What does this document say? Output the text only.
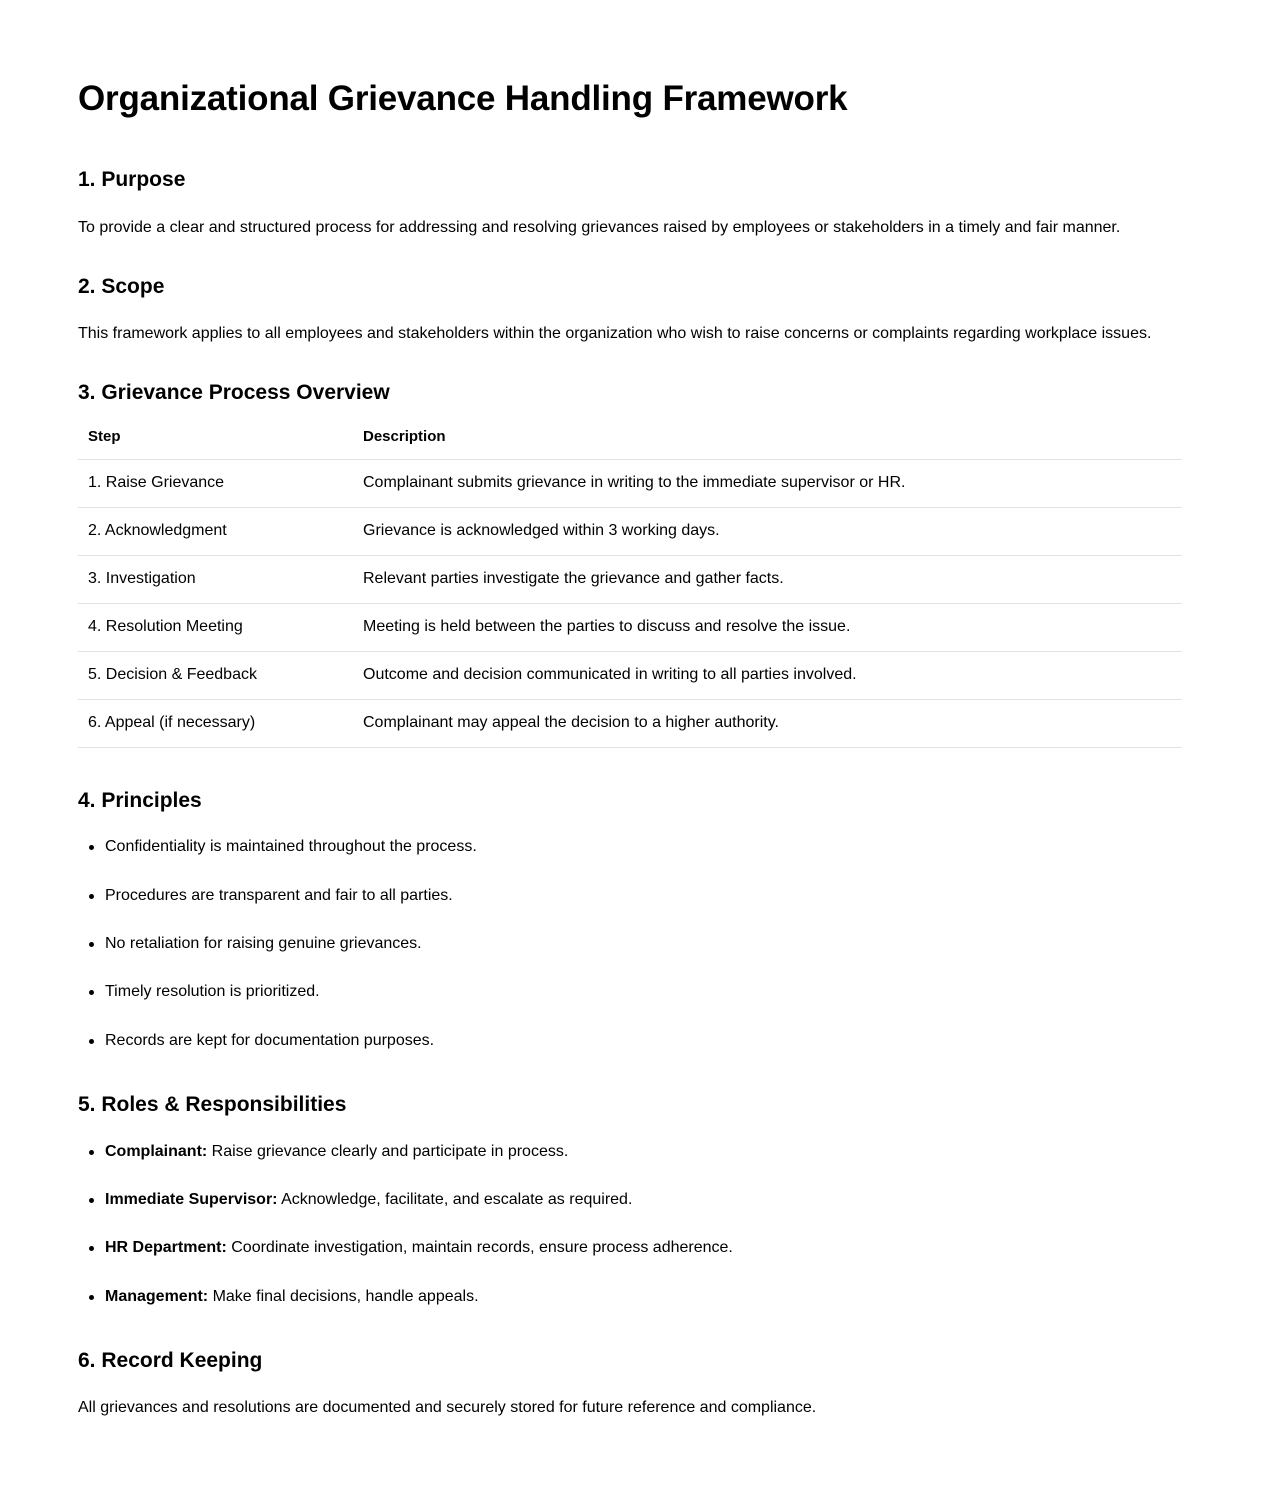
Organizational Grievance Handling Framework
1. Purpose

To provide a clear and structured process for addressing and resolving grievances raised by employees or stakeholders in a timely and fair manner.

2. Scope

This framework applies to all employees and stakeholders within the organization who wish to raise concerns or complaints regarding workplace issues.

3. Grievance Process Overview
Step	Description
1. Raise Grievance	Complainant submits grievance in writing to the immediate supervisor or HR.
2. Acknowledgment	Grievance is acknowledged within 3 working days.
3. Investigation	Relevant parties investigate the grievance and gather facts.
4. Resolution Meeting	Meeting is held between the parties to discuss and resolve the issue.
5. Decision & Feedback	Outcome and decision communicated in writing to all parties involved.
6. Appeal (if necessary)	Complainant may appeal the decision to a higher authority.
4. Principles
Confidentiality is maintained throughout the process.
Procedures are transparent and fair to all parties.
No retaliation for raising genuine grievances.
Timely resolution is prioritized.
Records are kept for documentation purposes.
5. Roles & Responsibilities
Complainant: Raise grievance clearly and participate in process.
Immediate Supervisor: Acknowledge, facilitate, and escalate as required.
HR Department: Coordinate investigation, maintain records, ensure process adherence.
Management: Make final decisions, handle appeals.
6. Record Keeping

All grievances and resolutions are documented and securely stored for future reference and compliance.
